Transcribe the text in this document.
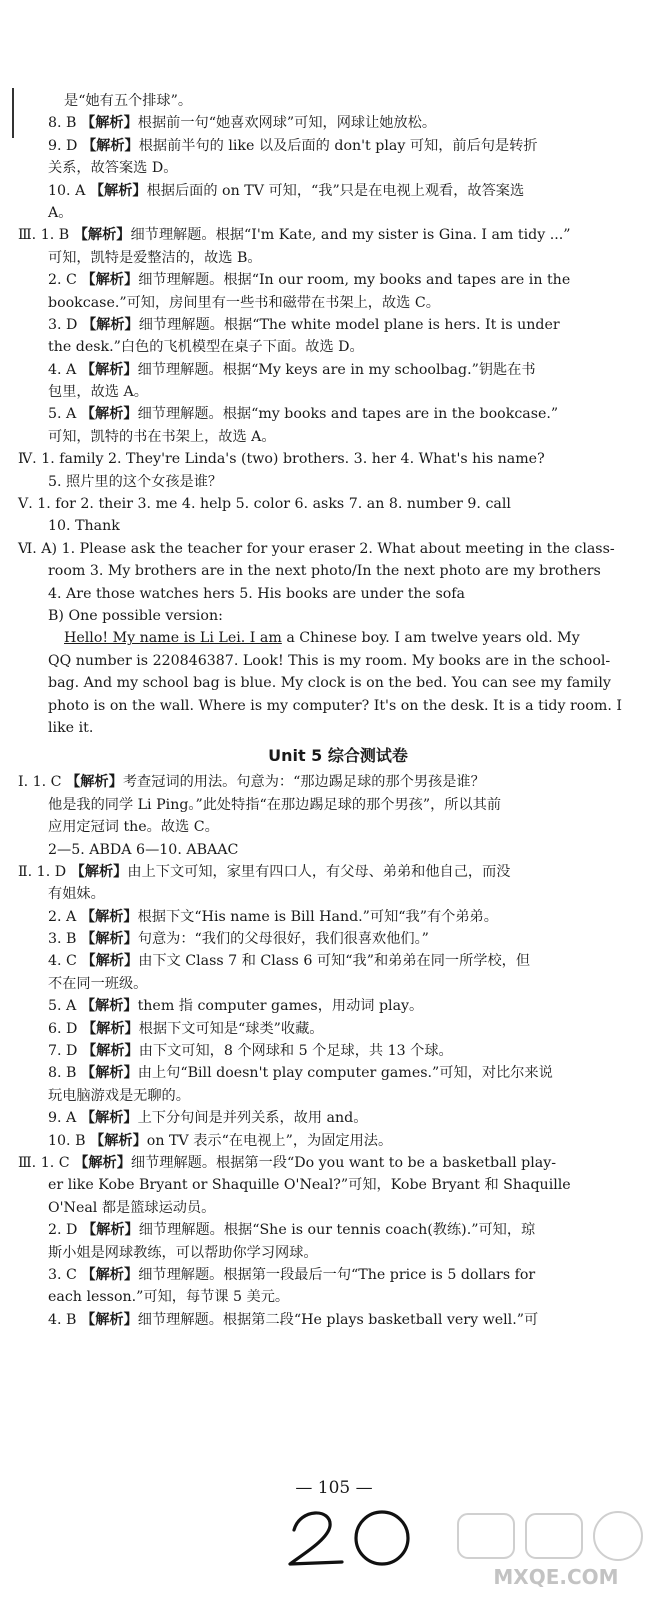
是“她有五个排球”。
8. B 【解析】根据前一句“她喜欢网球”可知，网球让她放松。
9. D 【解析】根据前半句的 like 以及后面的 don't play 可知，前后句是转折
关系，故答案选 D。
10. A 【解析】根据后面的 on TV 可知，“我”只是在电视上观看，故答案选
A。
Ⅲ. 1. B 【解析】细节理解题。根据“I'm Kate, and my sister is Gina. I am tidy ...”
可知，凯特是爱整洁的，故选 B。
2. C 【解析】细节理解题。根据“In our room, my books and tapes are in the
bookcase.”可知，房间里有一些书和磁带在书架上，故选 C。
3. D 【解析】细节理解题。根据“The white model plane is hers. It is under
the desk.”白色的飞机模型在桌子下面。故选 D。
4. A 【解析】细节理解题。根据“My keys are in my schoolbag.”钥匙在书
包里，故选 A。
5. A 【解析】细节理解题。根据“my books and tapes are in the bookcase.”
可知，凯特的书在书架上，故选 A。
Ⅳ. 1. family 2. They're Linda's (two) brothers. 3. her 4. What's his name?
5. 照片里的这个女孩是谁？
Ⅴ. 1. for 2. their 3. me 4. help 5. color 6. asks 7. an 8. number 9. call
10. Thank
Ⅵ. A) 1. Please ask the teacher for your eraser 2. What about meeting in the class-
room 3. My brothers are in the next photo/In the next photo are my brothers
4. Are those watches hers 5. His books are under the sofa
B) One possible version:
Hello! My name is Li Lei. I am a Chinese boy. I am twelve years old. My
QQ number is 220846387. Look! This is my room. My books are in the school-
bag. And my school bag is blue. My clock is on the bed. You can see my family
photo is on the wall. Where is my computer? It's on the desk. It is a tidy room. I
like it.
Unit 5 综合测试卷
Ⅰ. 1. C 【解析】考查冠词的用法。句意为：“那边踢足球的那个男孩是谁？
他是我的同学 Li Ping。”此处特指“在那边踢足球的那个男孩”，所以其前
应用定冠词 the。故选 C。
2—5. ABDA 6—10. ABAAC
Ⅱ. 1. D 【解析】由上下文可知，家里有四口人，有父母、弟弟和他自己，而没
有姐妹。
2. A 【解析】根据下文“His name is Bill Hand.”可知“我”有个弟弟。
3. B 【解析】句意为：“我们的父母很好，我们很喜欢他们。”
4. C 【解析】由下文 Class 7 和 Class 6 可知“我”和弟弟在同一所学校，但
不在同一班级。
5. A 【解析】them 指 computer games，用动词 play。
6. D 【解析】根据下文可知是“球类”收藏。
7. D 【解析】由下文可知，8 个网球和 5 个足球，共 13 个球。
8. B 【解析】由上句“Bill doesn't play computer games.”可知，对比尔来说
玩电脑游戏是无聊的。
9. A 【解析】上下分句间是并列关系，故用 and。
10. B 【解析】on TV 表示“在电视上”，为固定用法。
Ⅲ. 1. C 【解析】细节理解题。根据第一段“Do you want to be a basketball play-
er like Kobe Bryant or Shaquille O'Neal?”可知，Kobe Bryant 和 Shaquille
O'Neal 都是篮球运动员。
2. D 【解析】细节理解题。根据“She is our tennis coach(教练).”可知，琼
斯小姐是网球教练，可以帮助你学习网球。
3. C 【解析】细节理解题。根据第一段最后一句“The price is 5 dollars for
each lesson.”可知，每节课 5 美元。
4. B 【解析】细节理解题。根据第二段“He plays basketball very well.”可
— 105 —
MXQE.COM
